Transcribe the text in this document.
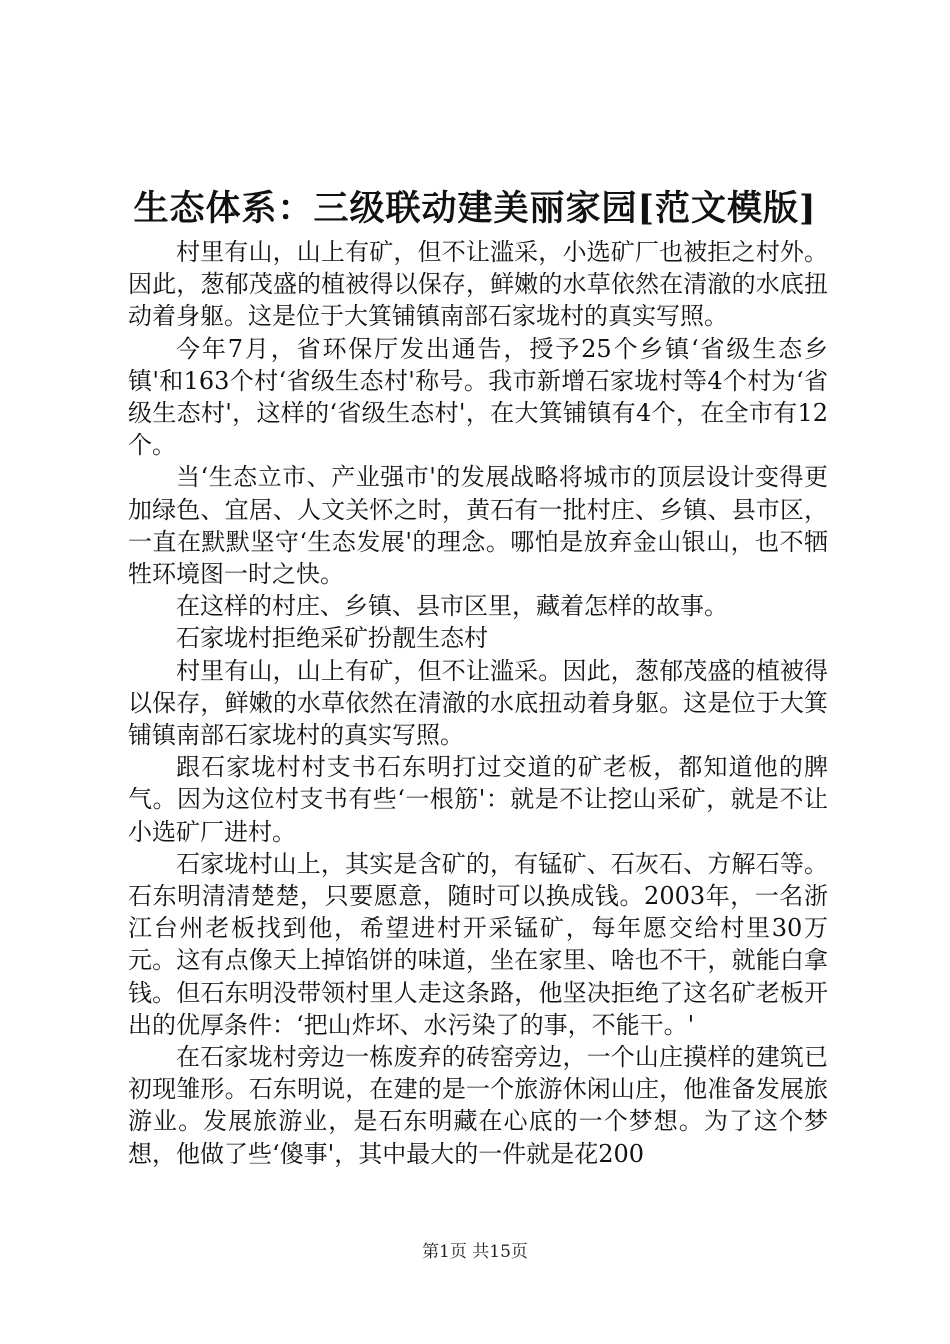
生态体系：三级联动建美丽家园[范文模版]

村里有山，山上有矿，但不让滥采，小选矿厂也被拒之村外。因此，葱郁茂盛的植被得以保存，鲜嫩的水草依然在清澈的水底扭动着身躯。这是位于大箕铺镇南部石家垅村的真实写照。

今年7月，省环保厅发出通告，授予25个乡镇‘省级生态乡镇'和163个村‘省级生态村'称号。我市新增石家垅村等4个村为‘省级生态村'，这样的‘省级生态村'，在大箕铺镇有4个，在全市有12个。

当‘生态立市、产业强市'的发展战略将城市的顶层设计变得更加绿色、宜居、人文关怀之时，黄石有一批村庄、乡镇、县市区，一直在默默坚守‘生态发展'的理念。哪怕是放弃金山银山，也不牺牲环境图一时之快。

在这样的村庄、乡镇、县市区里，藏着怎样的故事。

石家垅村拒绝采矿扮靓生态村

村里有山，山上有矿，但不让滥采。因此，葱郁茂盛的植被得以保存，鲜嫩的水草依然在清澈的水底扭动着身躯。这是位于大箕铺镇南部石家垅村的真实写照。

跟石家垅村村支书石东明打过交道的矿老板，都知道他的脾气。因为这位村支书有些‘一根筋'：就是不让挖山采矿，就是不让小选矿厂进村。

石家垅村山上，其实是含矿的，有锰矿、石灰石、方解石等。石东明清清楚楚，只要愿意，随时可以换成钱。2003年，一名浙江台州老板找到他，希望进村开采锰矿，每年愿交给村里30万元。这有点像天上掉馅饼的味道，坐在家里、啥也不干，就能白拿钱。但石东明没带领村里人走这条路，他坚决拒绝了这名矿老板开出的优厚条件：‘把山炸坏、水污染了的事，不能干。'

在石家垅村旁边一栋废弃的砖窑旁边，一个山庄摸样的建筑已初现雏形。石东明说，在建的是一个旅游休闲山庄，他准备发展旅游业。发展旅游业，是石东明藏在心底的一个梦想。为了这个梦想，他做了些‘傻事'，其中最大的一件就是花200

第1页 共15页
